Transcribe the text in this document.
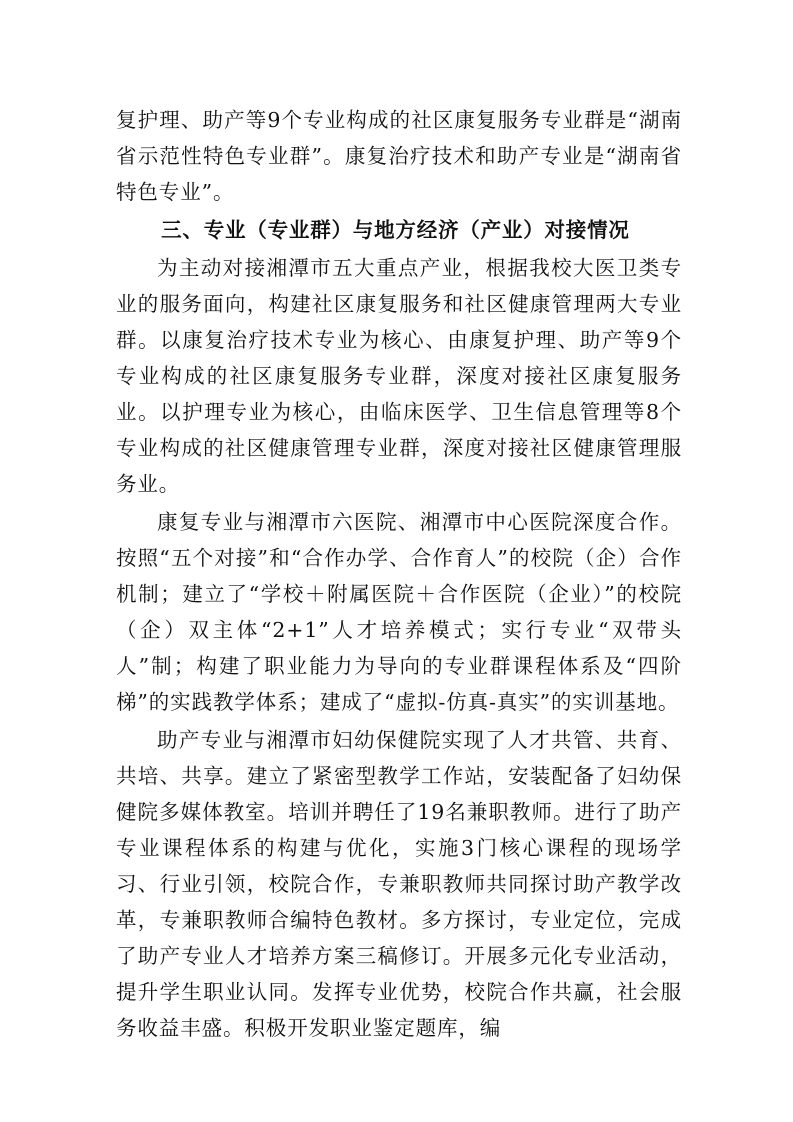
复护理、助产等9个专业构成的社区康复服务专业群是“湖南省示范性特色专业群”。康复治疗技术和助产专业是“湖南省特色专业”。

三、专业（专业群）与地方经济（产业）对接情况

为主动对接湘潭市五大重点产业，根据我校大医卫类专业的服务面向，构建社区康复服务和社区健康管理两大专业群。以康复治疗技术专业为核心、由康复护理、助产等9个专业构成的社区康复服务专业群，深度对接社区康复服务业。以护理专业为核心，由临床医学、卫生信息管理等8个专业构成的社区健康管理专业群，深度对接社区健康管理服务业。

康复专业与湘潭市六医院、湘潭市中心医院深度合作。按照“五个对接”和“合作办学、合作育人”的校院（企）合作机制；建立了“学校＋附属医院＋合作医院（企业）”的校院（企）双主体“2+1”人才培养模式；实行专业“双带头人”制；构建了职业能力为导向的专业群课程体系及“四阶梯”的实践教学体系；建成了“虚拟-仿真-真实”的实训基地。

助产专业与湘潭市妇幼保健院实现了人才共管、共育、共培、共享。建立了紧密型教学工作站，安装配备了妇幼保健院多媒体教室。培训并聘任了19名兼职教师。进行了助产专业课程体系的构建与优化，实施3门核心课程的现场学习、行业引领，校院合作，专兼职教师共同探讨助产教学改革，专兼职教师合编特色教材。多方探讨，专业定位，完成了助产专业人才培养方案三稿修订。开展多元化专业活动，提升学生职业认同。发挥专业优势，校院合作共赢，社会服务收益丰盛。积极开发职业鉴定题库，编
